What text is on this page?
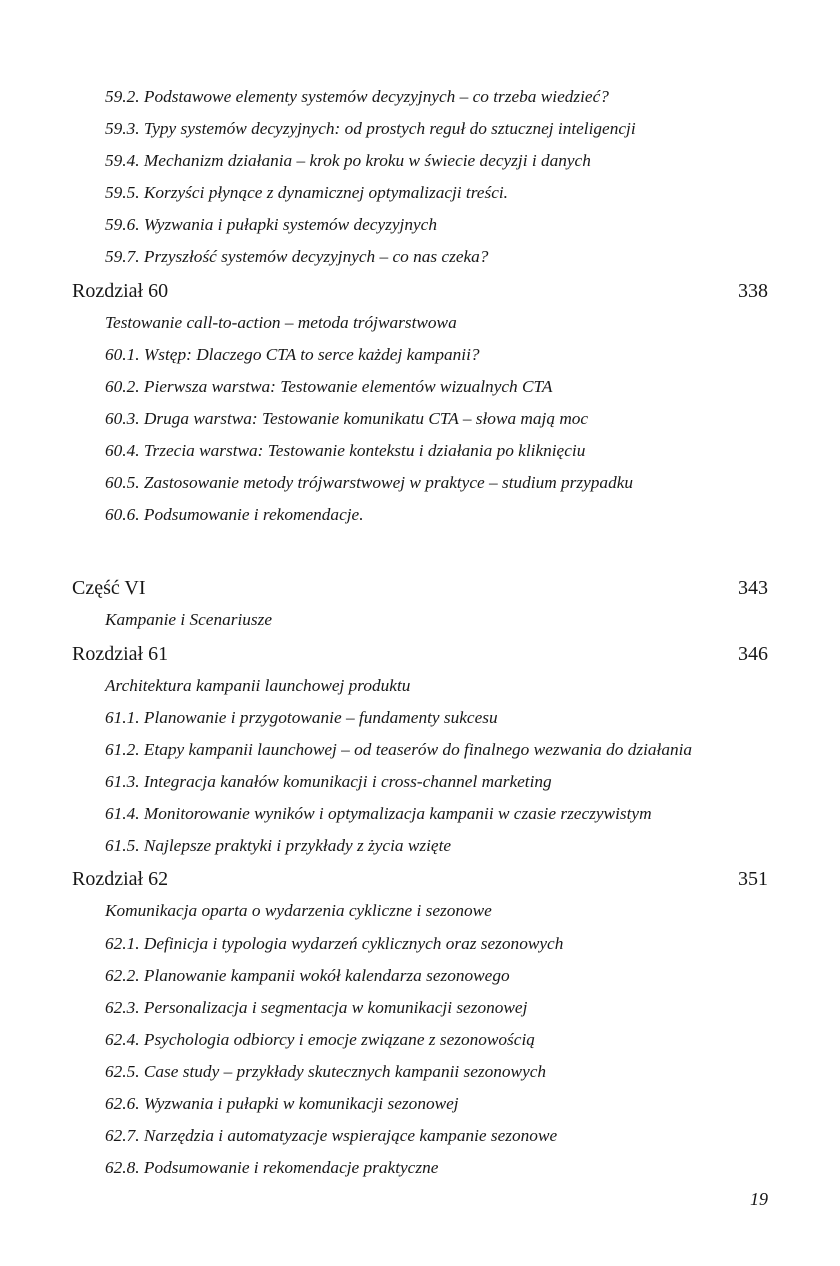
59.2. Podstawowe elementy systemów decyzyjnych – co trzeba wiedzieć?
59.3. Typy systemów decyzyjnych: od prostych reguł do sztucznej inteligencji
59.4. Mechanizm działania – krok po kroku w świecie decyzji i danych
59.5. Korzyści płynące z dynamicznej optymalizacji treści.
59.6. Wyzwania i pułapki systemów decyzyjnych
59.7. Przyszłość systemów decyzyjnych – co nas czeka?
Rozdział 60	338
Testowanie call-to-action – metoda trójwarstwowa
60.1. Wstęp: Dlaczego CTA to serce każdej kampanii?
60.2. Pierwsza warstwa: Testowanie elementów wizualnych CTA
60.3. Druga warstwa: Testowanie komunikatu CTA – słowa mają moc
60.4. Trzecia warstwa: Testowanie kontekstu i działania po kliknięciu
60.5. Zastosowanie metody trójwarstwowej w praktyce – studium przypadku
60.6. Podsumowanie i rekomendacje.
Część VI	343
Kampanie i Scenariusze
Rozdział 61	346
Architektura kampanii launchowej produktu
61.1. Planowanie i przygotowanie – fundamenty sukcesu
61.2. Etapy kampanii launchowej – od teaserów do finalnego wezwania do działania
61.3. Integracja kanałów komunikacji i cross-channel marketing
61.4. Monitorowanie wyników i optymalizacja kampanii w czasie rzeczywistym
61.5. Najlepsze praktyki i przykłady z życia wzięte
Rozdział 62	351
Komunikacja oparta o wydarzenia cykliczne i sezonowe
62.1. Definicja i typologia wydarzeń cyklicznych oraz sezonowych
62.2. Planowanie kampanii wokół kalendarza sezonowego
62.3. Personalizacja i segmentacja w komunikacji sezonowej
62.4. Psychologia odbiorcy i emocje związane z sezonowością
62.5. Case study – przykłady skutecznych kampanii sezonowych
62.6. Wyzwania i pułapki w komunikacji sezonowej
62.7. Narzędzia i automatyzacje wspierające kampanie sezonowe
62.8. Podsumowanie i rekomendacje praktyczne
19
